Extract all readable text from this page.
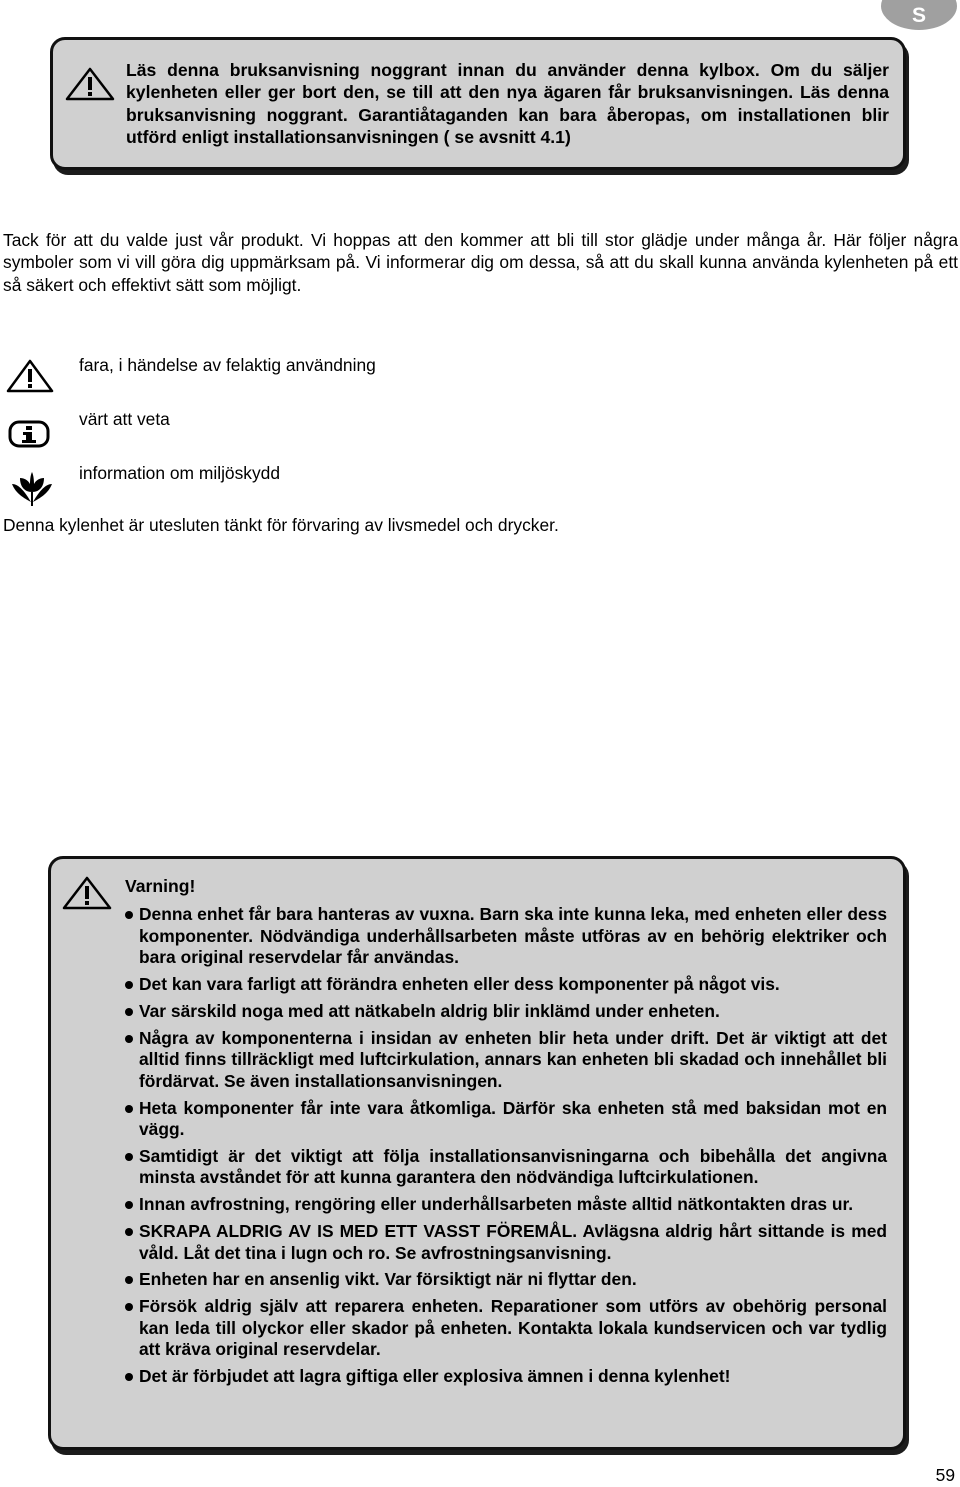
S
Läs denna bruksanvisning noggrant innan du använder denna kylbox. Om du säljer kylenheten eller ger bort den, se till att den nya ägaren får bruksanvisningen. Läs denna bruksanvisning noggrant. Garantiåtaganden kan bara åberopas, om installationen blir utförd enligt installationsanvisningen ( se avsnitt 4.1)
Tack för att du valde just vår produkt. Vi hoppas att den kommer att bli till stor glädje under många år. Här följer några symboler som vi vill göra dig uppmärksam på. Vi informerar dig om dessa, så att du skall kunna använda kylenheten på ett så säkert och effektivt sätt som möjligt.
fara, i händelse av felaktig användning
värt att veta
information om miljöskydd
Denna kylenhet är utesluten tänkt för förvaring av livsmedel och drycker.
Varning!
Denna enhet får bara hanteras av vuxna. Barn ska inte kunna leka, med enheten eller dess komponenter. Nödvändiga underhållsarbeten måste utföras av en behörig elektriker och bara original reservdelar får användas.
Det kan vara farligt att förändra enheten eller dess komponenter på något vis.
Var särskild noga med att nätkabeln aldrig blir inklämd under enheten.
Några av komponenterna i insidan av enheten blir heta under drift. Det är viktigt att det alltid finns tillräckligt med luftcirkulation, annars kan enheten bli skadad och innehållet bli fördärvat. Se även installationsanvisningen.
Heta komponenter får inte vara åtkomliga. Därför ska enheten stå med baksidan mot en vägg.
Samtidigt är det viktigt att följa installationsanvisningarna och bibehålla det angivna minsta avståndet för att kunna garantera den nödvändiga luftcirkulationen.
Innan avfrostning, rengöring eller underhållsarbeten måste alltid nätkontakten dras ur.
SKRAPA ALDRIG AV IS MED ETT VASST FÖREMÅL. Avlägsna aldrig hårt sittande is med våld. Låt det tina i lugn och ro. Se avfrostningsanvisning.
Enheten har en ansenlig vikt. Var försiktigt när ni flyttar den.
Försök aldrig själv att reparera enheten. Reparationer som utförs av obehörig personal kan leda till olyckor eller skador på enheten. Kontakta lokala kundservicen och var tydlig att kräva original reservdelar.
Det är förbjudet att lagra giftiga eller explosiva ämnen i denna kylenhet!
59
